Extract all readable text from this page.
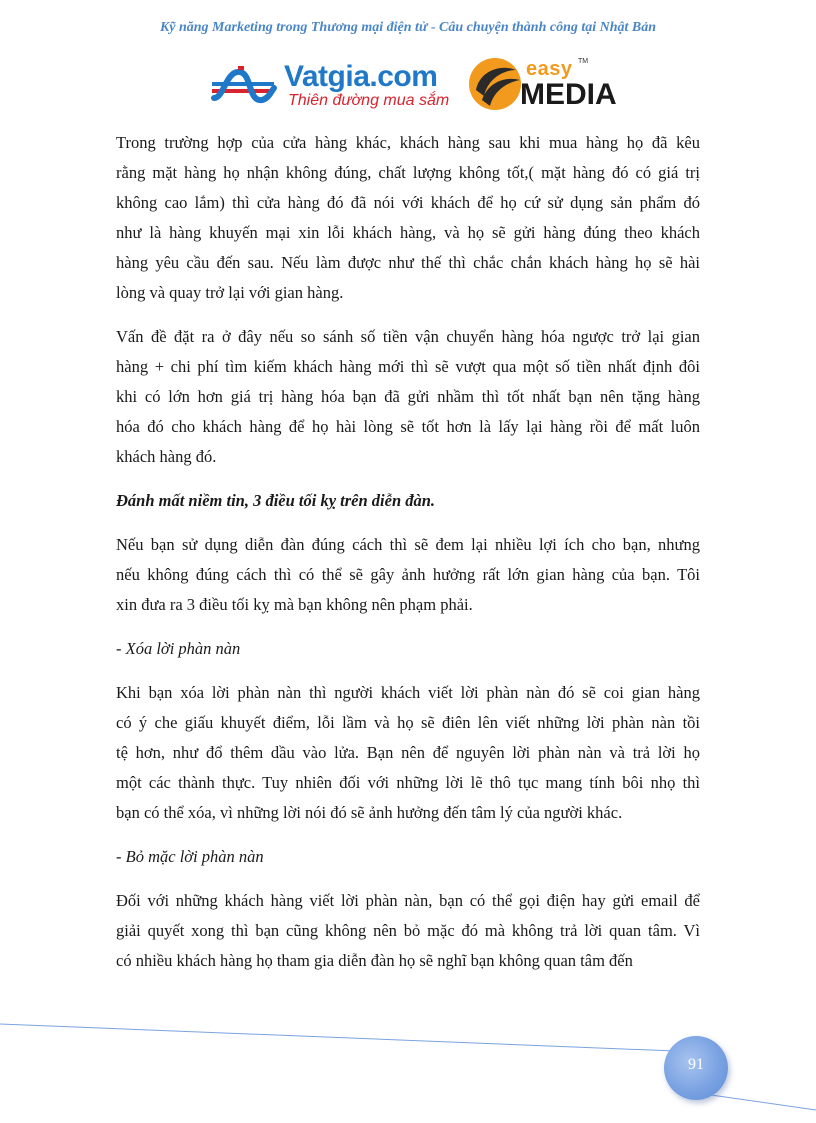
Kỹ năng Marketing trong Thương mại điện tử - Câu chuyện thành công tại Nhật Bản
Vatgia.com
Thiên đường mua sắm
easy TM
MEDIA

Trong trường hợp của cửa hàng khác, khách hàng sau khi mua hàng họ đã kêu
rằng mặt hàng họ nhận không đúng, chất lượng không tốt,( mặt hàng đó có giá trị
không cao lắm) thì cửa hàng đó đã nói với khách để họ cứ sử dụng sản phẩm đó
như là hàng khuyến mại xin lỗi khách hàng, và họ sẽ gửi hàng đúng theo khách
hàng yêu cầu đến sau. Nếu làm được như thế thì chắc chắn khách hàng họ sẽ hài
lòng và quay trở lại với gian hàng.

Vấn đề đặt ra ở đây nếu so sánh số tiền vận chuyển hàng hóa ngược trở lại gian
hàng + chi phí tìm kiếm khách hàng mới thì sẽ vượt qua một số tiền nhất định đôi
khi có lớn hơn giá trị hàng hóa bạn đã gửi nhầm thì tốt nhất bạn nên tặng hàng
hóa đó cho khách hàng để họ hài lòng sẽ tốt hơn là lấy lại hàng rồi để mất luôn
khách hàng đó.

Đánh mất niềm tin, 3 điều tối kỵ trên diễn đàn.

Nếu bạn sử dụng diễn đàn đúng cách thì sẽ đem lại nhiều lợi ích cho bạn, nhưng
nếu không đúng cách thì có thể sẽ gây ảnh hưởng rất lớn gian hàng của bạn. Tôi
xin đưa ra 3 điều tối kỵ mà bạn không nên phạm phải.

- Xóa lời phàn nàn

Khi bạn xóa lời phàn nàn thì người khách viết lời phàn nàn đó sẽ coi gian hàng
có ý che giấu khuyết điểm, lỗi lầm và họ sẽ điên lên viết những lời phàn nàn tồi
tệ hơn, như đổ thêm dầu vào lửa. Bạn nên để nguyên lời phàn nàn và trả lời họ
một các thành thực. Tuy nhiên đối với những lời lẽ thô tục mang tính bôi nhọ thì
bạn có thể xóa, vì những lời nói đó sẽ ảnh hưởng đến tâm lý của người khác.

- Bỏ mặc lời phàn nàn

Đối với những khách hàng viết lời phàn nàn, bạn có thể gọi điện hay gửi email để
giải quyết xong thì bạn cũng không nên bỏ mặc đó mà không trả lời quan tâm. Vì
có nhiều khách hàng họ tham gia diễn đàn họ sẽ nghĩ bạn không quan tâm đến

91
